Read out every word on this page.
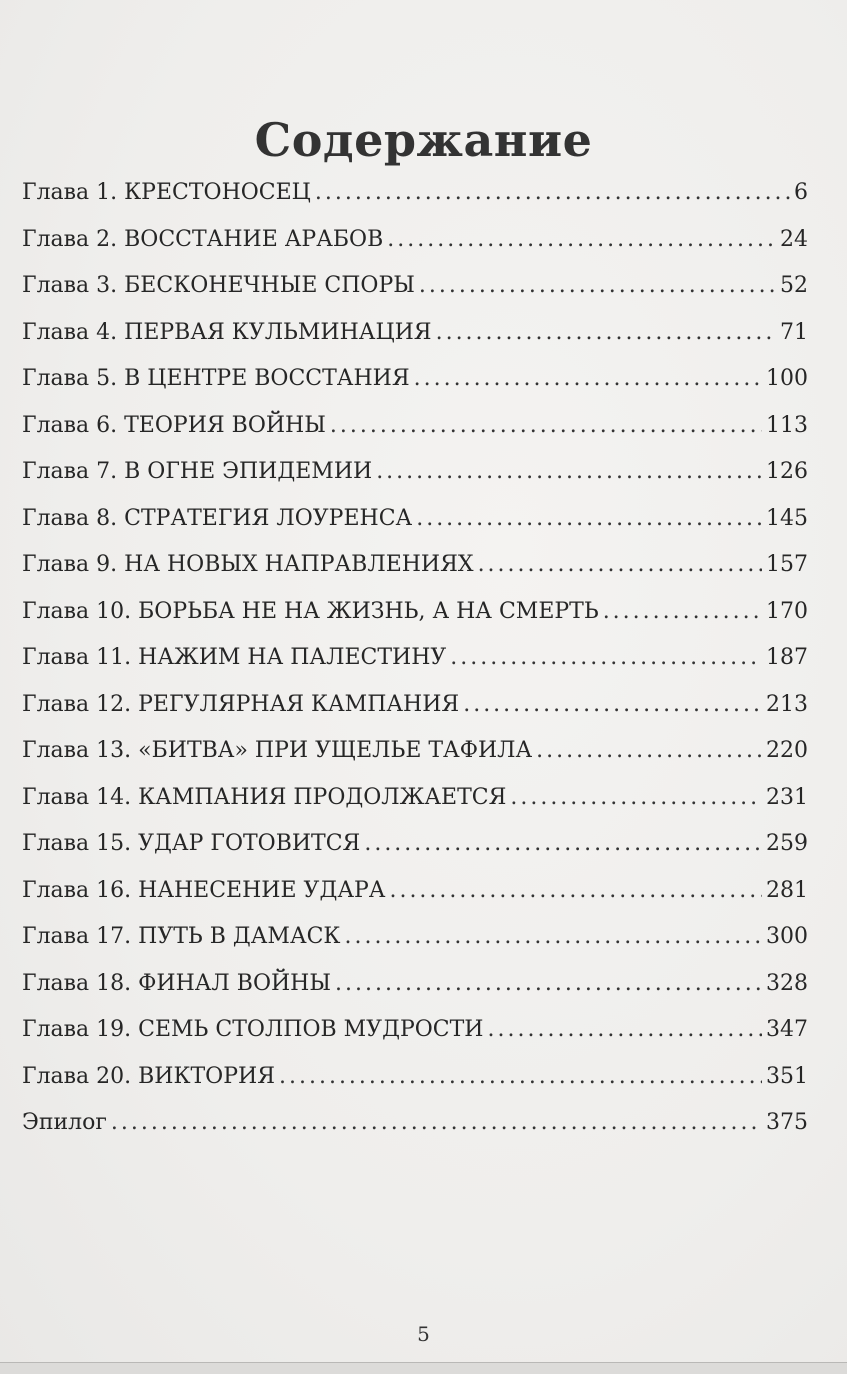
Содержание
Глава 1. КРЕСТОНОСЕЦ .....	6
Глава 2. ВОССТАНИЕ АРАБОВ .....	24
Глава 3. БЕСКОНЕЧНЫЕ СПОРЫ .....	52
Глава 4. ПЕРВАЯ КУЛЬМИНАЦИЯ .....	71
Глава 5. В ЦЕНТРЕ ВОССТАНИЯ .....	100
Глава 6. ТЕОРИЯ ВОЙНЫ .....	113
Глава 7. В ОГНЕ ЭПИДЕМИИ .....	126
Глава 8. СТРАТЕГИЯ ЛОУРЕНСА .....	145
Глава 9. НА НОВЫХ НАПРАВЛЕНИЯХ .....	157
Глава 10. БОРЬБА НЕ НА ЖИЗНЬ, А НА СМЕРТЬ .....	170
Глава 11. НАЖИМ НА ПАЛЕСТИНУ .....	187
Глава 12. РЕГУЛЯРНАЯ КАМПАНИЯ .....	213
Глава 13. «БИТВА» ПРИ УЩЕЛЬЕ ТАФИЛА .....	220
Глава 14. КАМПАНИЯ ПРОДОЛЖАЕТСЯ .....	231
Глава 15. УДАР ГОТОВИТСЯ .....	259
Глава 16. НАНЕСЕНИЕ УДАРА .....	281
Глава 17. ПУТЬ В ДАМАСК .....	300
Глава 18. ФИНАЛ ВОЙНЫ .....	328
Глава 19. СЕМЬ СТОЛПОВ МУДРОСТИ .....	347
Глава 20. ВИКТОРИЯ .....	351
Эпилог .....	375
5
